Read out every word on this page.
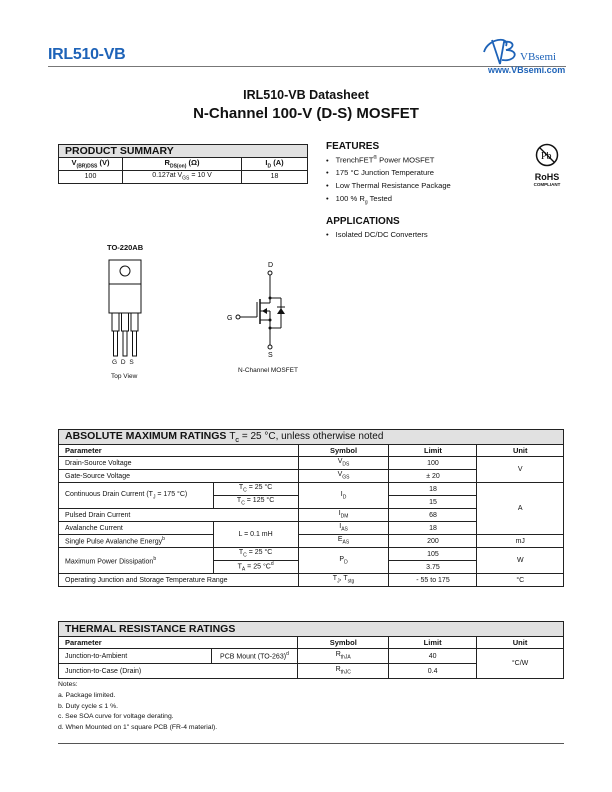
IRL510-VB	VBsemi
www.VBsemi.com
IRL510-VB Datasheet
N-Channel 100-V (D-S) MOSFET
PRODUCT SUMMARY		
$V_{(BR)DSS}$ (V)	$R_{DS(on)}$ (Ω)	$I_D$ (A)
100	0.127at $V_{GS} = 10$ V	18
FEATURES
• TrenchFET® Power MOSFET
• 175 °C Junction Temperature
• Low Thermal Resistance Package
• 100 % $R_g$ Tested
APPLICATIONS
• Isolated DC/DC Converters
Pb
RoHS
COMPLIANT
TO-220AB
G D S
Top View
D
G
S
N-Channel MOSFET
ABSOLUTE MAXIMUM RATINGS $T_C = 25$ °C, unless otherwise noted				
Parameter		Symbol	Limit	Unit
Drain-Source Voltage		$V_{DS}$	100	V
Gate-Source Voltage		$V_{GS}$	± 20	
Continuous Drain Current ($T_J = 175$ °C)	$T_C = 25$ °C	$I_D$	18	A
	$T_C = 125$ °C		15	
Pulsed Drain Current		$I_{DM}$	68	
Avalanche Current	L = 0.1 mH	$I_{AS}$	18	
Single Pulse Avalanche Energy$^b$		$E_{AS}$	200	mJ
Maximum Power Dissipation$^b$	$T_C = 25$ °C	$P_D$	105	W
	$T_A = 25$ $^\circ C^d$		3.75	
Operating Junction and Storage Temperature Range		$T_J$, $T_{stg}$	- 55 to 175	°C
THERMAL RESISTANCE RATINGS				
Parameter		Symbol	Limit	Unit
Junction-to-Ambient	PCB Mount $(TO-263)^d$	$R_{thJA}$	40	°C/W
Junction-to-Case (Drain)		$R_{thJC}$	0.4	
Notes:
a. Package limited.
b. Duty cycle ≤ 1 %.
c. See SOA curve for voltage derating.
d. When Mounted on 1" square PCB (FR-4 material).
